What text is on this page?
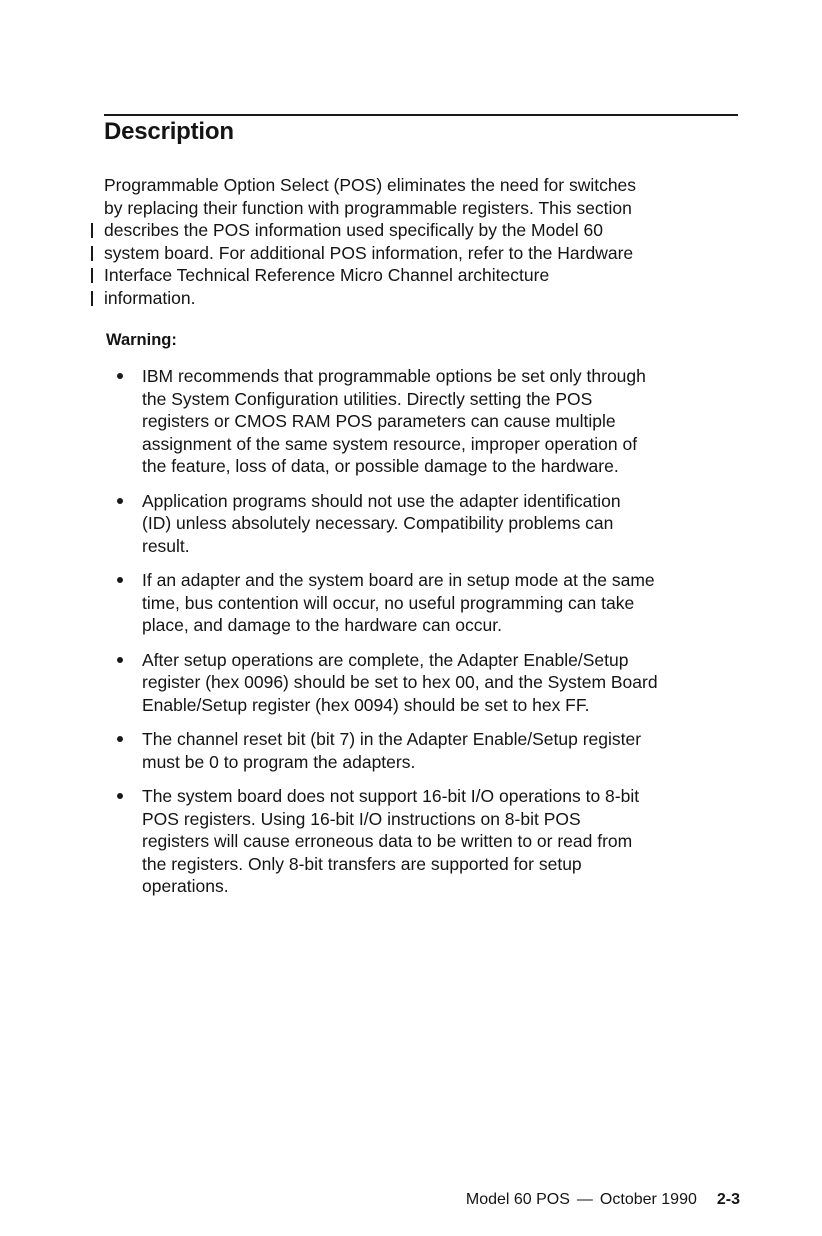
Description
Programmable Option Select (POS) eliminates the need for switches
by replacing their function with programmable registers. This section
describes the POS information used specifically by the Model 60
system board. For additional POS information, refer to the Hardware
Interface Technical Reference Micro Channel architecture
information.

Warning:

IBM recommends that programmable options be set only through
the System Configuration utilities. Directly setting the POS
registers or CMOS RAM POS parameters can cause multiple
assignment of the same system resource, improper operation of
the feature, loss of data, or possible damage to the hardware.
Application programs should not use the adapter identification
(ID) unless absolutely necessary. Compatibility problems can
result.
If an adapter and the system board are in setup mode at the same
time, bus contention will occur, no useful programming can take
place, and damage to the hardware can occur.
After setup operations are complete, the Adapter Enable/Setup
register (hex 0096) should be set to hex 00, and the System Board
Enable/Setup register (hex 0094) should be set to hex FF.
The channel reset bit (bit 7) in the Adapter Enable/Setup register
must be 0 to program the adapters.
The system board does not support 16-bit I/O operations to 8-bit
POS registers. Using 16-bit I/O instructions on 8-bit POS
registers will cause erroneous data to be written to or read from
the registers. Only 8-bit transfers are supported for setup
operations.
Model 60 POS — October 1990 2-3
